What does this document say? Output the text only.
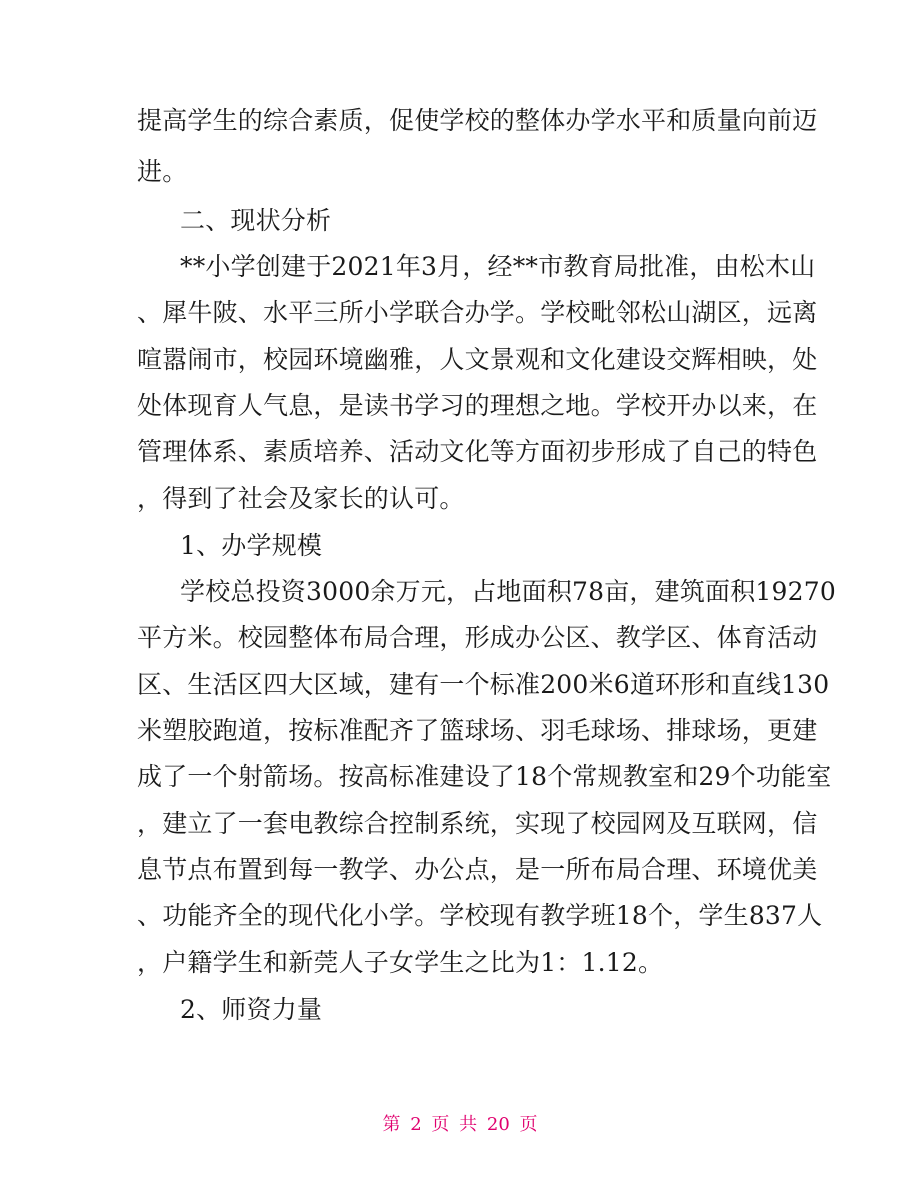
提高学生的综合素质，促使学校的整体办学水平和质量向前迈
进。
二、现状分析
**小学创建于2021年3月，经**市教育局批准，由松木山
、犀牛陂、水平三所小学联合办学。学校毗邻松山湖区，远离
喧嚣闹市，校园环境幽雅，人文景观和文化建设交辉相映，处
处体现育人气息，是读书学习的理想之地。学校开办以来，在
管理体系、素质培养、活动文化等方面初步形成了自己的特色
，得到了社会及家长的认可。
1、办学规模
学校总投资3000余万元，占地面积78亩，建筑面积19270
平方米。校园整体布局合理，形成办公区、教学区、体育活动
区、生活区四大区域，建有一个标准200米6道环形和直线130
米塑胶跑道，按标准配齐了篮球场、羽毛球场、排球场，更建
成了一个射箭场。按高标准建设了18个常规教室和29个功能室
，建立了一套电教综合控制系统，实现了校园网及互联网，信
息节点布置到每一教学、办公点，是一所布局合理、环境优美
、功能齐全的现代化小学。学校现有教学班18个，学生837人
，户籍学生和新莞人子女学生之比为1：1.12。
2、师资力量
第 2 页 共 20 页
